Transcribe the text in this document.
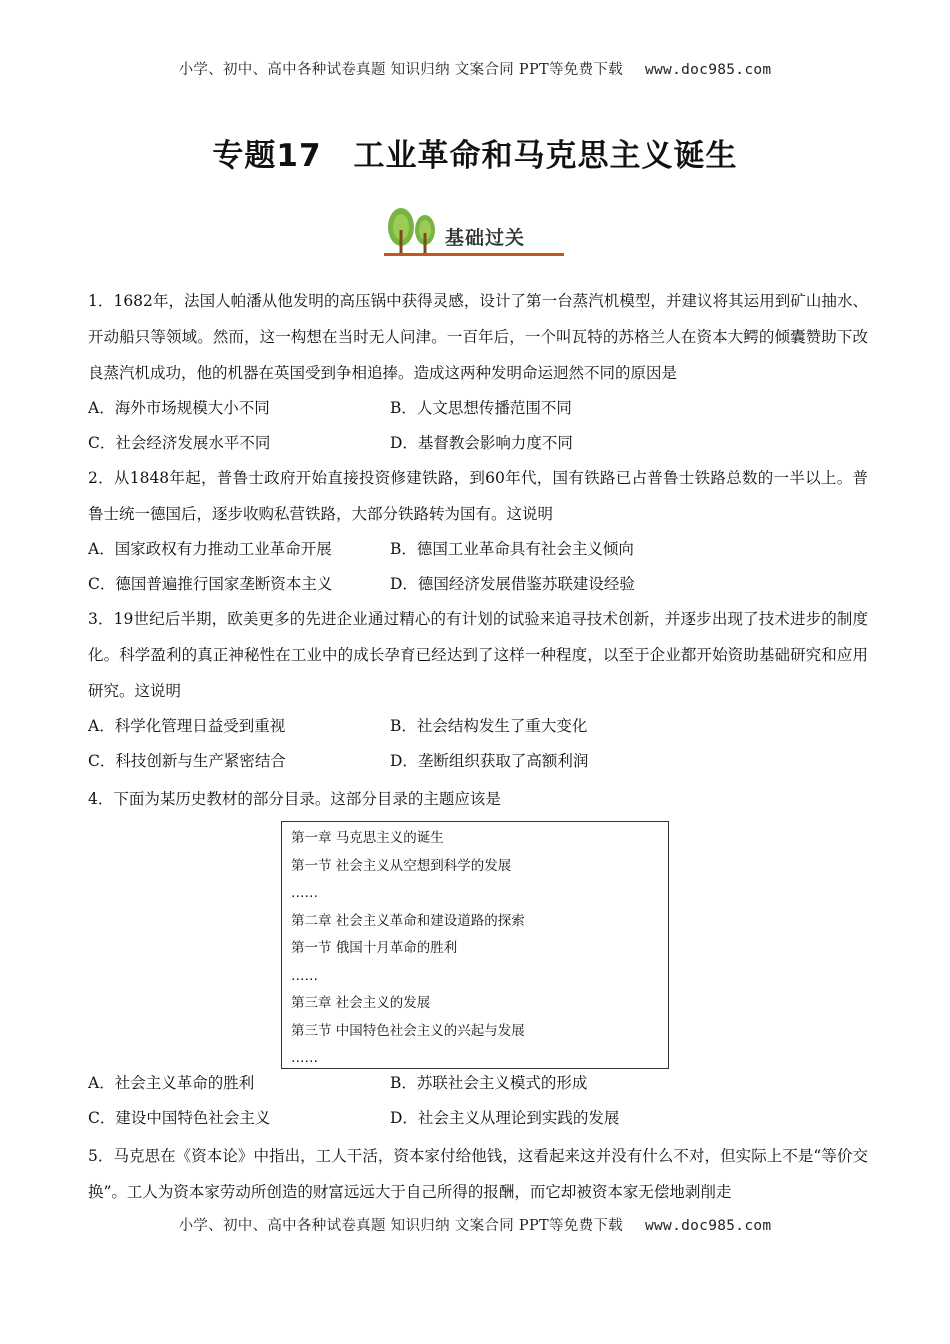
小学、初中、高中各种试卷真题 知识归纳 文案合同 PPT等免费下载 www.doc985.com
专题17　工业革命和马克思主义诞生
基础过关
1．1682年，法国人帕潘从他发明的高压锅中获得灵感，设计了第一台蒸汽机模型，并建议将其运用到矿山抽水、开动船只等领域。然而，这一构想在当时无人问津。一百年后，一个叫瓦特的苏格兰人在资本大鳄的倾囊赞助下改良蒸汽机成功，他的机器在英国受到争相追捧。造成这两种发明命运迥然不同的原因是
A．海外市场规模大小不同	B．人文思想传播范围不同
C．社会经济发展水平不同	D．基督教会影响力度不同
2．从1848年起，普鲁士政府开始直接投资修建铁路，到60年代，国有铁路已占普鲁士铁路总数的一半以上。普鲁士统一德国后，逐步收购私营铁路，大部分铁路转为国有。这说明
A．国家政权有力推动工业革命开展	B．德国工业革命具有社会主义倾向
C．德国普遍推行国家垄断资本主义	D．德国经济发展借鉴苏联建设经验
3．19世纪后半期，欧美更多的先进企业通过精心的有计划的试验来追寻技术创新，并逐步出现了技术进步的制度化。科学盈利的真正神秘性在工业中的成长孕育已经达到了这样一种程度，以至于企业都开始资助基础研究和应用研究。这说明
A．科学化管理日益受到重视	B．社会结构发生了重大变化
C．科技创新与生产紧密结合	D．垄断组织获取了高额利润
4．下面为某历史教材的部分目录。这部分目录的主题应该是
第一章 马克思主义的诞生
第一节 社会主义从空想到科学的发展
……
第二章 社会主义革命和建设道路的探索
第一节 俄国十月革命的胜利
……
第三章 社会主义的发展
第三节 中国特色社会主义的兴起与发展
……
A．社会主义革命的胜利	B．苏联社会主义模式的形成
C．建设中国特色社会主义	D．社会主义从理论到实践的发展
5．马克思在《资本论》中指出，工人干活，资本家付给他钱，这看起来这并没有什么不对，但实际上不是“等价交换”。工人为资本家劳动所创造的财富远远大于自己所得的报酬，而它却被资本家无偿地剥削走
小学、初中、高中各种试卷真题 知识归纳 文案合同 PPT等免费下载 www.doc985.com
